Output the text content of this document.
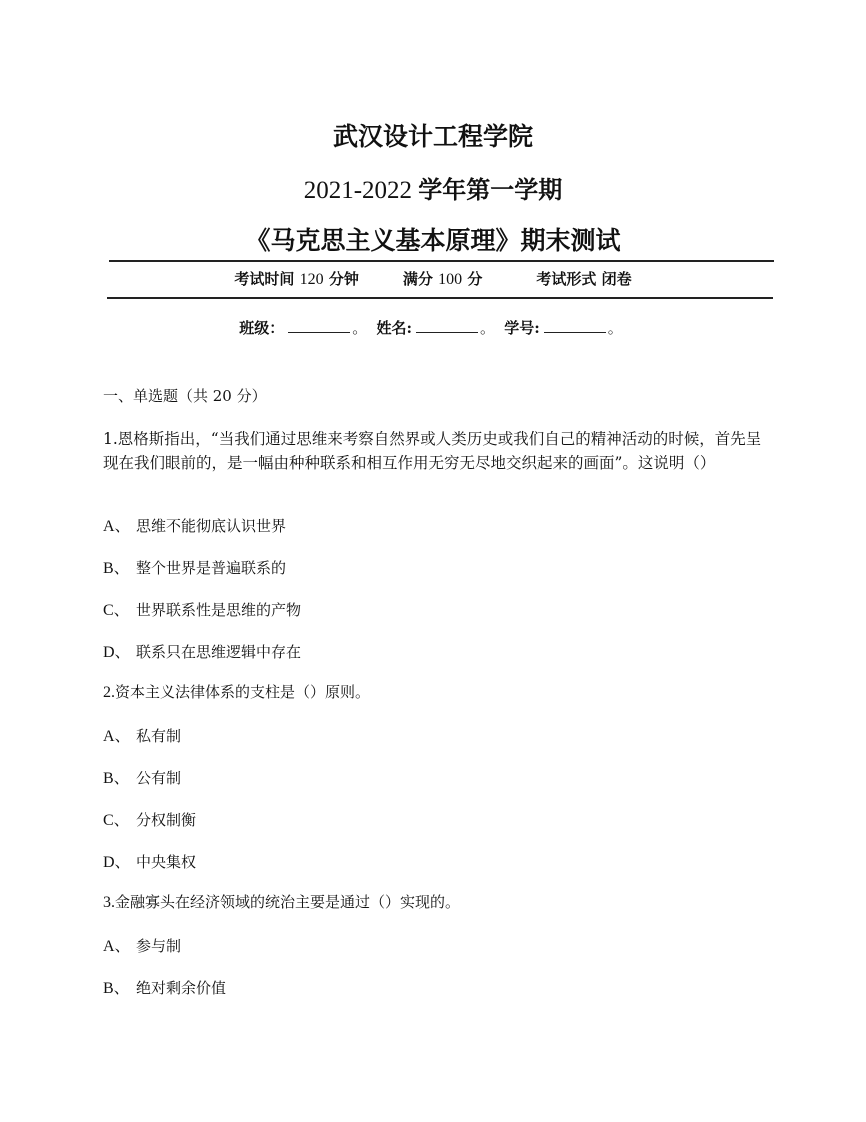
武汉设计工程学院
2021-2022 学年第一学期
《马克思主义基本原理》期末测试
考试时间 120 分钟	满分 100 分	考试形式 闭卷
班级：	。 姓名:	。 学号:	。
一、单选题（共 20 分）
1.恩格斯指出，“当我们通过思维来考察自然界或人类历史或我们自己的精神活动的时候，首先呈现在我们眼前的，是一幅由种种联系和相互作用无穷无尽地交织起来的画面”。这说明（）
A、 思维不能彻底认识世界
B、 整个世界是普遍联系的
C、 世界联系性是思维的产物
D、 联系只在思维逻辑中存在
2.资本主义法律体系的支柱是（）原则。
A、 私有制
B、 公有制
C、 分权制衡
D、 中央集权
3.金融寡头在经济领域的统治主要是通过（）实现的。
A、 参与制
B、 绝对剩余价值
